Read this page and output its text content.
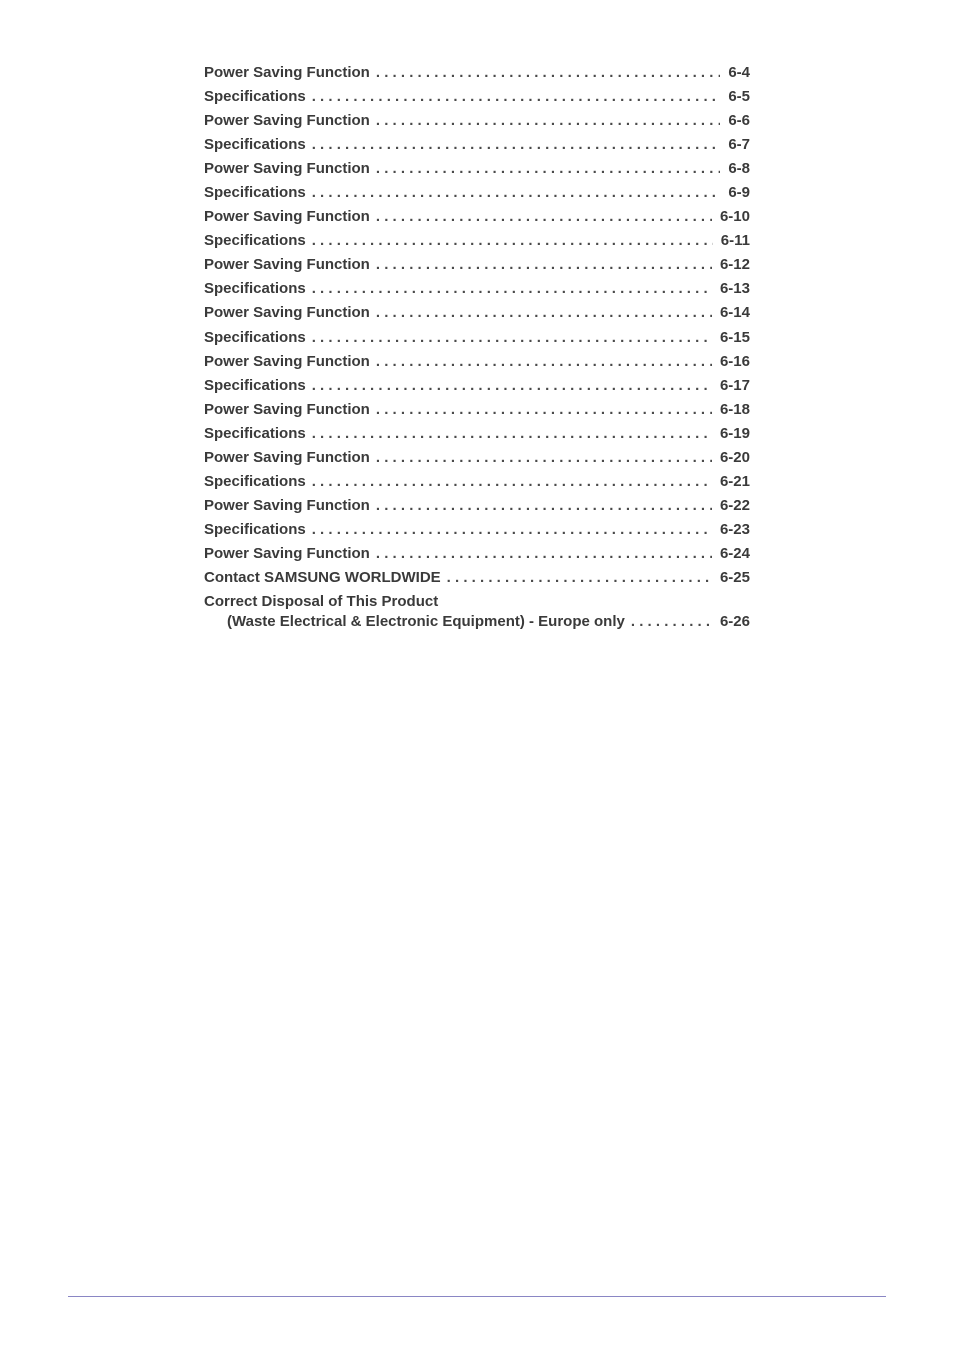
Power Saving Function . . .	6-4
Specifications . . .	6-5
Power Saving Function . . .	6-6
Specifications . . .	6-7
Power Saving Function . . .	6-8
Specifications . . .	6-9
Power Saving Function . . .	6-10
Specifications . . .	6-11
Power Saving Function . . .	6-12
Specifications . . .	6-13
Power Saving Function . . .	6-14
Specifications . . .	6-15
Power Saving Function . . .	6-16
Specifications . . .	6-17
Power Saving Function . . .	6-18
Specifications . . .	6-19
Power Saving Function . . .	6-20
Specifications . . .	6-21
Power Saving Function . . .	6-22
Specifications . . .	6-23
Power Saving Function . . .	6-24
Contact SAMSUNG WORLDWIDE . . .	6-25
Correct Disposal of This Product
(Waste Electrical & Electronic Equipment) - Europe only . . .	6-26
